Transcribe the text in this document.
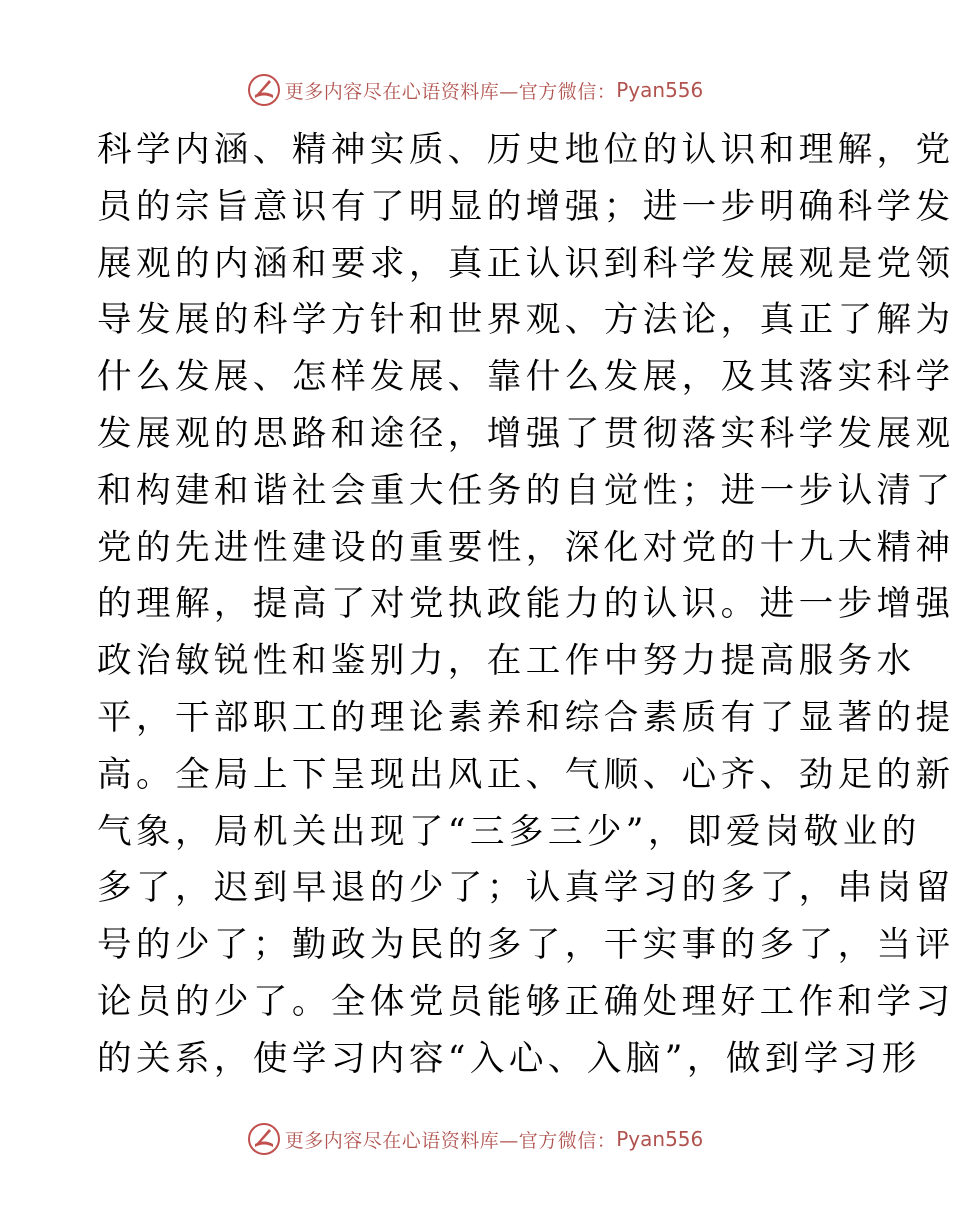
更多内容尽在心语资料库—官方微信： Pyan556
科学内涵、精神实质、历史地位的认识和理解，党
员的宗旨意识有了明显的增强；进一步明确科学发
展观的内涵和要求，真正认识到科学发展观是党领
导发展的科学方针和世界观、方法论，真正了解为
什么发展、怎样发展、靠什么发展，及其落实科学
发展观的思路和途径，增强了贯彻落实科学发展观
和构建和谐社会重大任务的自觉性；进一步认清了
党的先进性建设的重要性，深化对党的十九大精神
的理解，提高了对党执政能力的认识。进一步增强
政治敏锐性和鉴别力，在工作中努力提高服务水
平，干部职工的理论素养和综合素质有了显著的提
高。全局上下呈现出风正、气顺、心齐、劲足的新
气象，局机关出现了“三多三少”，即爱岗敬业的
多了，迟到早退的少了；认真学习的多了，串岗留
号的少了；勤政为民的多了，干实事的多了，当评
论员的少了。全体党员能够正确处理好工作和学习
的关系，使学习内容“入心、入脑”，做到学习形
更多内容尽在心语资料库—官方微信： Pyan556
